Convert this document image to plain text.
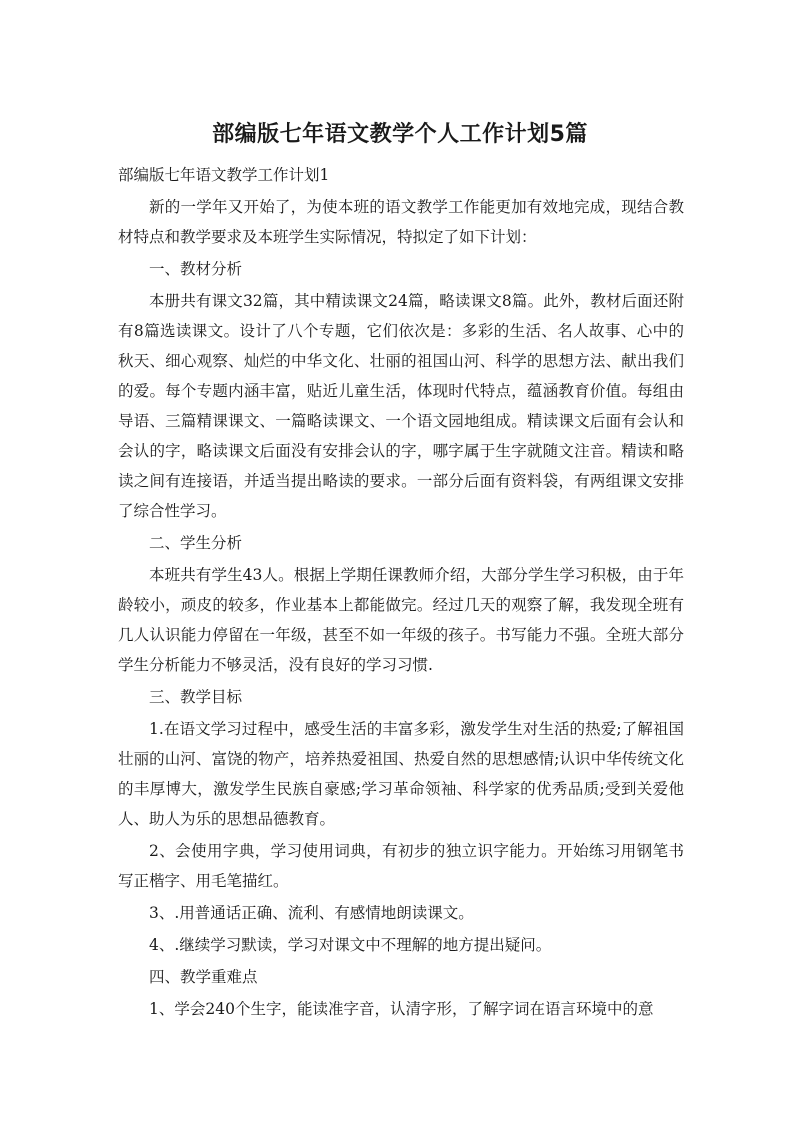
部编版七年语文教学个人工作计划5篇

部编版七年语文教学工作计划1

新的一学年又开始了，为使本班的语文教学工作能更加有效地完成，现结合教材特点和教学要求及本班学生实际情况，特拟定了如下计划：

一、教材分析

本册共有课文32篇，其中精读课文24篇，略读课文8篇。此外，教材后面还附有8篇选读课文。设计了八个专题，它们依次是：多彩的生活、名人故事、心中的秋天、细心观察、灿烂的中华文化、壮丽的祖国山河、科学的思想方法、献出我们的爱。每个专题内涵丰富，贴近儿童生活，体现时代特点，蕴涵教育价值。每组由导语、三篇精课课文、一篇略读课文、一个语文园地组成。精读课文后面有会认和会认的字，略读课文后面没有安排会认的字，哪字属于生字就随文注音。精读和略读之间有连接语，并适当提出略读的要求。一部分后面有资料袋，有两组课文安排了综合性学习。

二、学生分析

本班共有学生43人。根据上学期任课教师介绍，大部分学生学习积极，由于年龄较小，顽皮的较多，作业基本上都能做完。经过几天的观察了解，我发现全班有几人认识能力停留在一年级，甚至不如一年级的孩子。书写能力不强。全班大部分学生分析能力不够灵活，没有良好的学习习惯.

三、教学目标

1.在语文学习过程中，感受生活的丰富多彩，激发学生对生活的热爱;了解祖国壮丽的山河、富饶的物产，培养热爱祖国、热爱自然的思想感情;认识中华传统文化的丰厚博大，激发学生民族自豪感;学习革命领袖、科学家的优秀品质;受到关爱他人、助人为乐的思想品德教育。

2、会使用字典，学习使用词典，有初步的独立识字能力。开始练习用钢笔书写正楷字、用毛笔描红。

3、.用普通话正确、流利、有感情地朗读课文。

4、.继续学习默读，学习对课文中不理解的地方提出疑问。

四、教学重难点

1、学会240个生字，能读准字音，认清字形，了解字词在语言环境中的意
